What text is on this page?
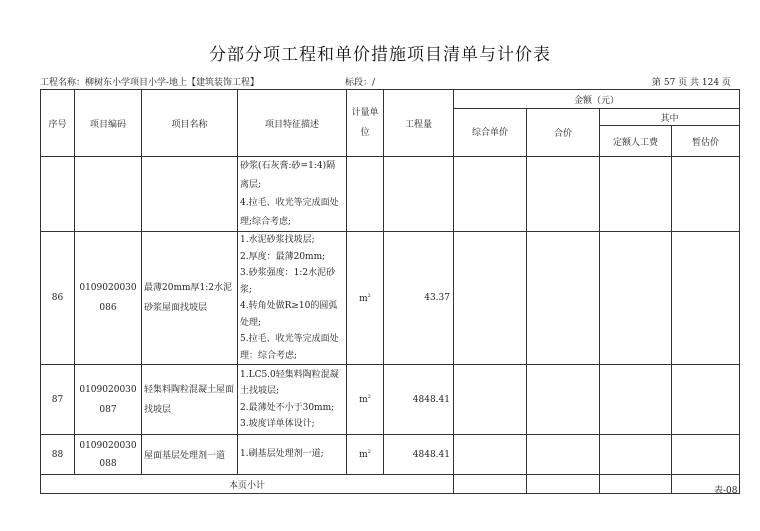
分部分项工程和单价措施项目清单与计价表
工程名称：柳树东小学项目小学-地上【建筑装饰工程】	标段：/	第 57 页 共 124 页
序号	项目编码	项目名称	项目特征描述	计量单位	工程量	金额（元）			
						综合单价	合价	其中	
								定额人工费	暂估价
			砂浆(石灰膏:砂=1:4)隔离层;
4.拉毛、收光等完成面处理;综合考虑;						
86	0109020030086	最薄20mm厚1:2水泥砂浆屋面找坡层	1.水泥砂浆找坡层;
2.厚度：最薄20mm;
3.砂浆强度：1:2水泥砂浆;
4.转角处做R≥10的圆弧处理;
5.拉毛、收光等完成面处理：综合考虑;	$m^2$	43.37				
87	0109020030087	轻集料陶粒混凝土屋面找坡层	1.LC5.0轻集料陶粒混凝土找坡层;
2.最薄处不小于30mm;
3.坡度详单体设计;	$m^2$	4848.41				
88	0109020030088	屋面基层处理剂一道	1.刷基层处理剂一道;	$m^2$	4848.41				
本页小计									
表-08
